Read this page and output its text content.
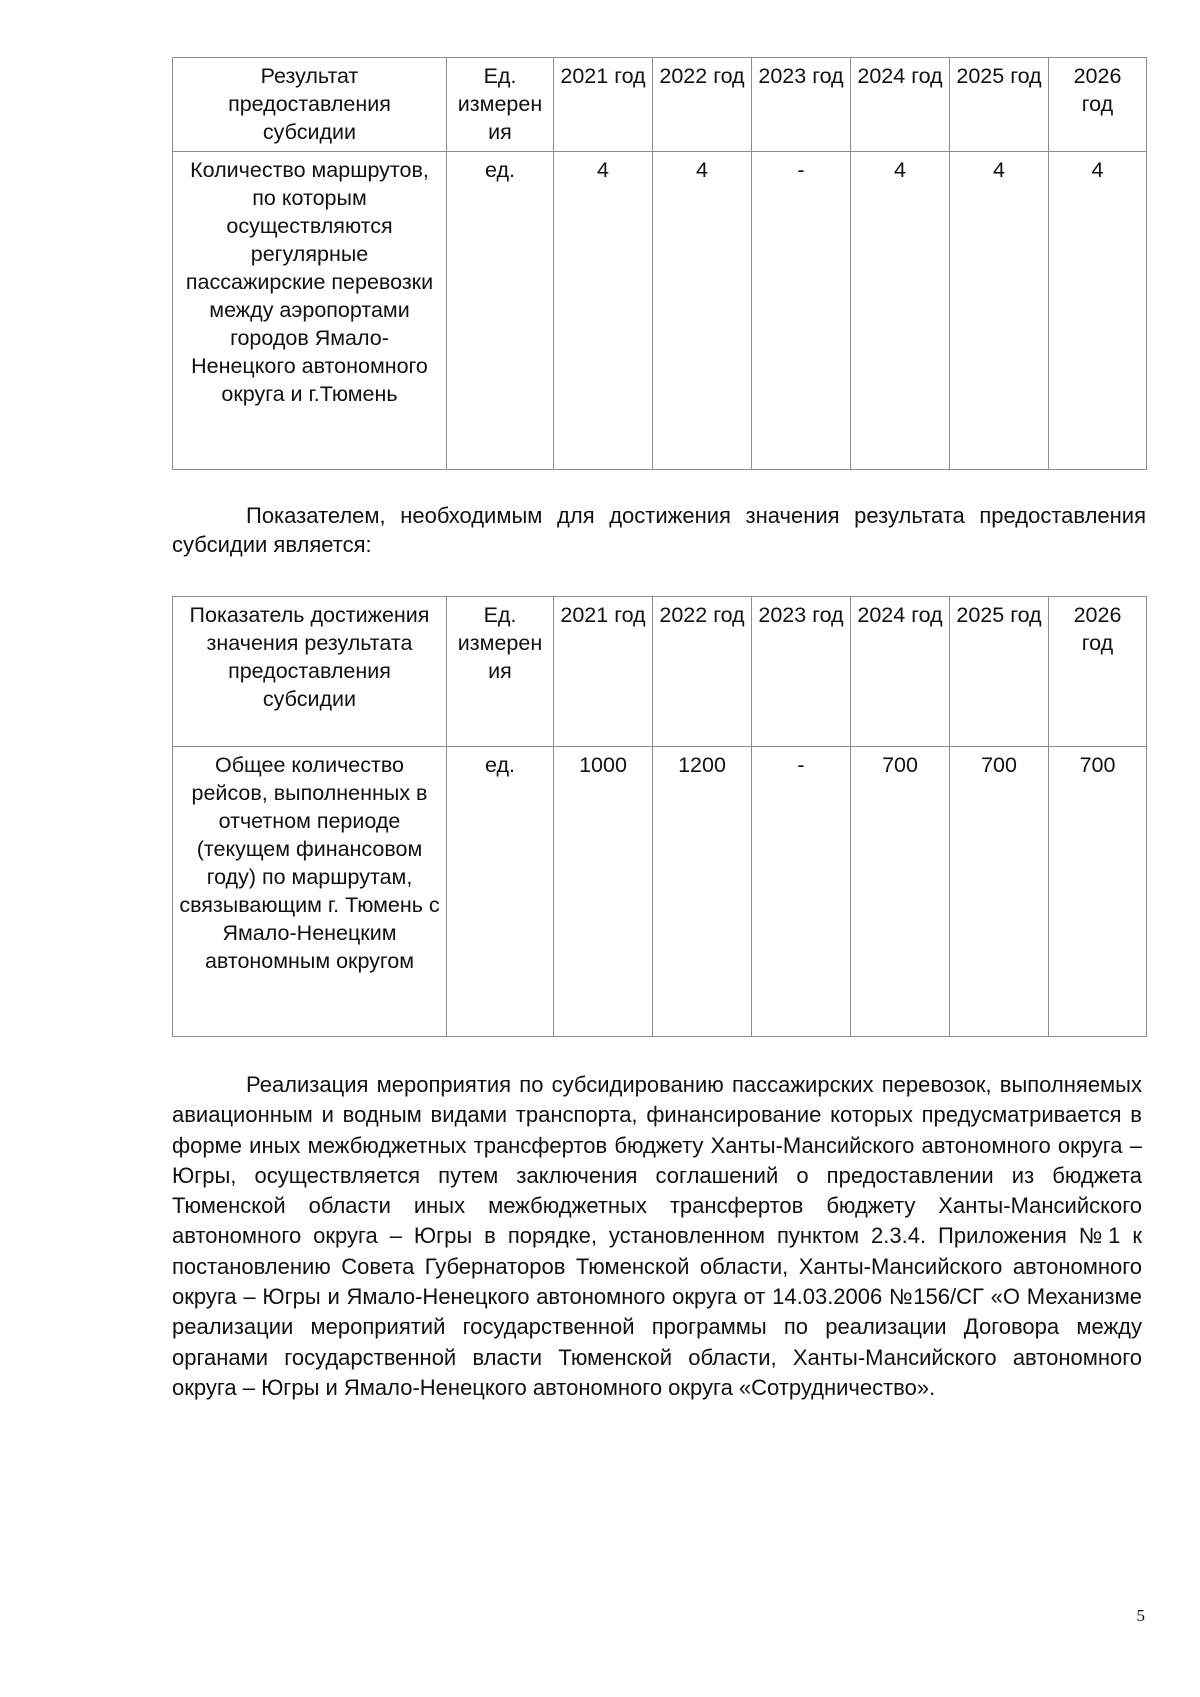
Результат предоставления субсидии	Ед. измерен ия	2021 год	2022 год	2023 год	2024 год	2025 год	2026 год
Количество маршрутов, по которым осуществляются регулярные пассажирские перевозки между аэропортами городов Ямало-Ненецкого автономного округа и г.Тюмень	ед.	4	4	-	4	4	4

Показателем, необходимым для достижения значения результата предоставления субсидии является:

Показатель достижения значения результата предоставления субсидии	Ед. измерен ия	2021 год	2022 год	2023 год	2024 год	2025 год	2026 год
Общее количество рейсов, выполненных в отчетном периоде (текущем финансовом году) по маршрутам, связывающим г. Тюмень с Ямало-Ненецким автономным округом	ед.	1000	1200	-	700	700	700

Реализация мероприятия по субсидированию пассажирских перевозок, выполняемых авиационным и водным видами транспорта, финансирование которых предусматривается в форме иных межбюджетных трансфертов бюджету Ханты-Мансийского автономного округа – Югры, осуществляется путем заключения соглашений о предоставлении из бюджета Тюменской области иных межбюджетных трансфертов бюджету Ханты-Мансийского автономного округа – Югры в порядке, установленном пунктом 2.3.4. Приложения №1 к постановлению Совета Губернаторов Тюменской области, Ханты-Мансийского автономного округа – Югры и Ямало-Ненецкого автономного округа от 14.03.2006 №156/СГ «О Механизме реализации мероприятий государственной программы по реализации Договора между органами государственной власти Тюменской области, Ханты-Мансийского автономного округа – Югры и Ямало-Ненецкого автономного округа «Сотрудничество».

5
